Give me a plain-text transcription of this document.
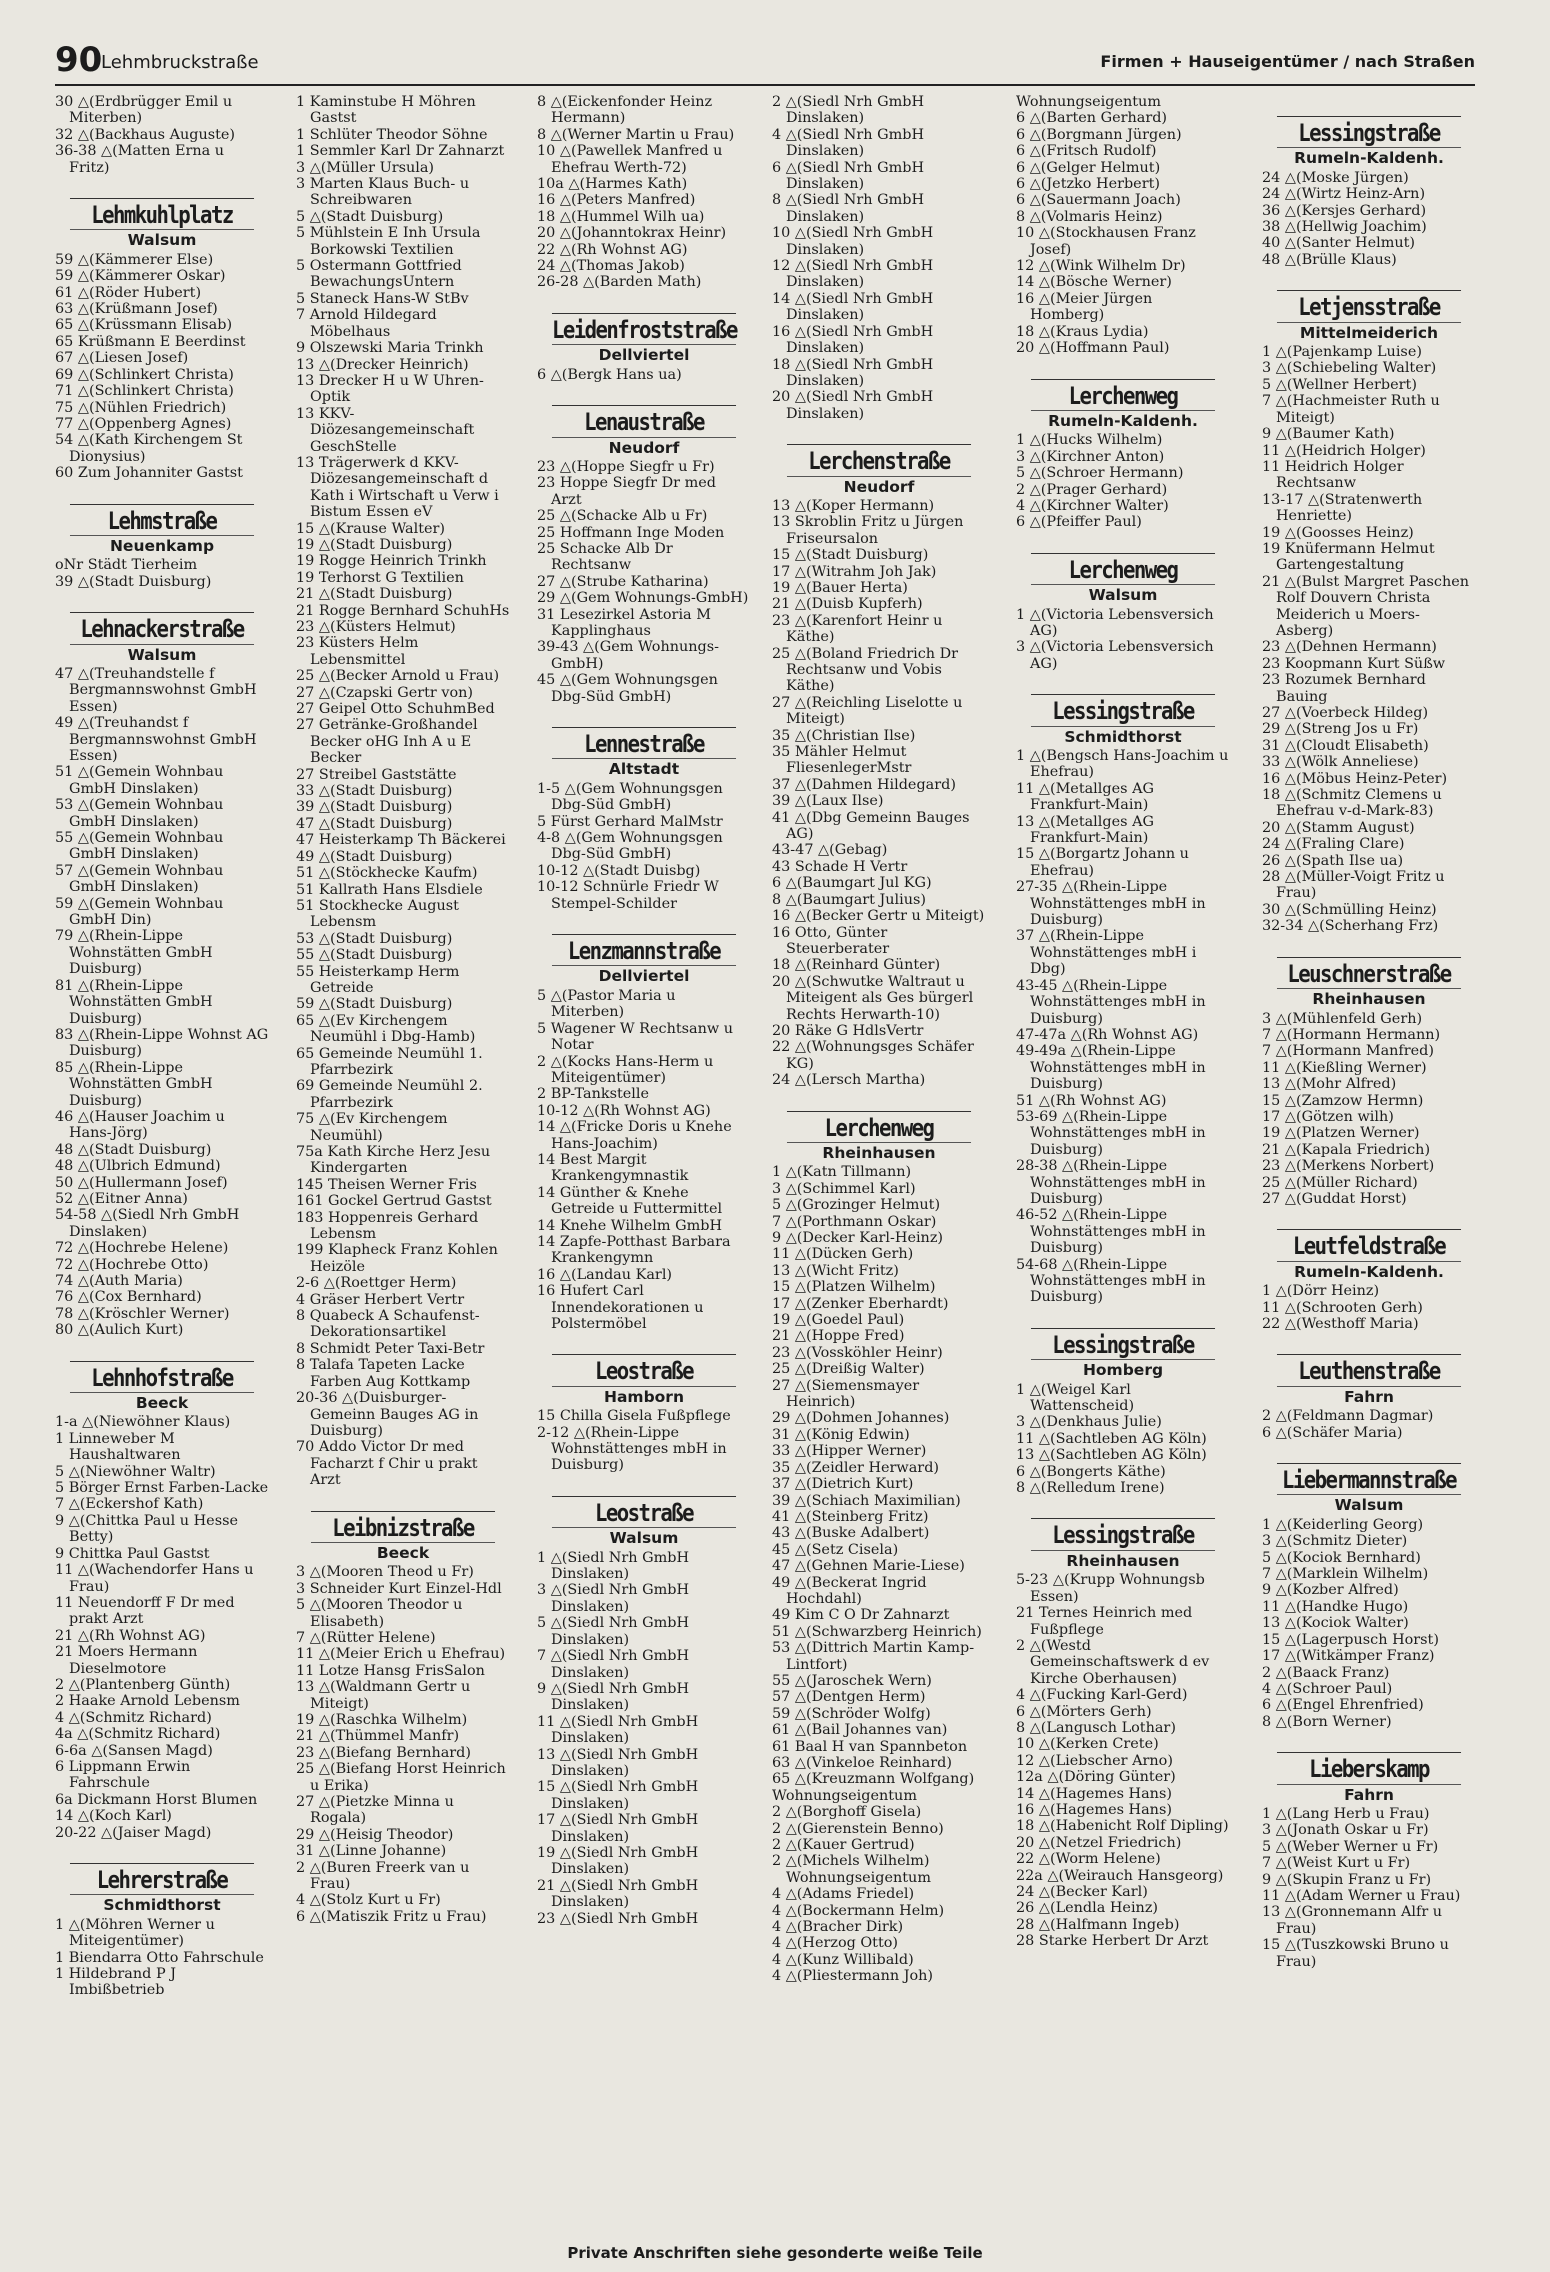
90
Lehmbruckstraße	Firmen + Hauseigentümer / nach Straßen
30 △(Erdbrügger Emil u Miterben)
32 △(Backhaus Auguste)
36-38 △(Matten Erna u Fritz)
Lehmkuhlplatz
Walsum
59 △(Kämmerer Else)
59 △(Kämmerer Oskar)
61 △(Röder Hubert)
63 △(Krüßmann Josef)
65 △(Krüssmann Elisab)
65 Krüßmann E Beerdinst
67 △(Liesen Josef)
69 △(Schlinkert Christa)
71 △(Schlinkert Christa)
75 △(Nühlen Friedrich)
77 △(Oppenberg Agnes)
54 △(Kath Kirchengem St Dionysius)
60 Zum Johanniter Gastst
Lehmstraße
Neuenkamp
oNr Städt Tierheim
39 △(Stadt Duisburg)
Lehnackerstraße
Walsum
47 △(Treuhandstelle f Bergmannswohnst GmbH Essen)
49 △(Treuhandst f Bergmannswohnst GmbH Essen)
51 △(Gemein Wohnbau GmbH Dinslaken)
53 △(Gemein Wohnbau GmbH Dinslaken)
55 △(Gemein Wohnbau GmbH Dinslaken)
57 △(Gemein Wohnbau GmbH Dinslaken)
59 △(Gemein Wohnbau GmbH Din)
79 △(Rhein-Lippe Wohnstätten GmbH Duisburg)
81 △(Rhein-Lippe Wohnstätten GmbH Duisburg)
83 △(Rhein-Lippe Wohnst AG Duisburg)
85 △(Rhein-Lippe Wohnstätten GmbH Duisburg)
46 △(Hauser Joachim u Hans-Jörg)
48 △(Stadt Duisburg)
48 △(Ulbrich Edmund)
50 △(Hullermann Josef)
52 △(Eitner Anna)
54-58 △(Siedl Nrh GmbH Dinslaken)
72 △(Hochrebe Helene)
72 △(Hochrebe Otto)
74 △(Auth Maria)
76 △(Cox Bernhard)
78 △(Kröschler Werner)
80 △(Aulich Kurt)
Lehnhofstraße
Beeck
1-a △(Niewöhner Klaus)
1 Linneweber M Haushaltwaren
5 △(Niewöhner Waltr)
5 Börger Ernst Farben-Lacke
7 △(Eckershof Kath)
9 △(Chittka Paul u Hesse Betty)
9 Chittka Paul Gastst
11 △(Wachendorfer Hans u Frau)
11 Neuendorff F Dr med prakt Arzt
21 △(Rh Wohnst AG)
21 Moers Hermann Dieselmotore
2 △(Plantenberg Günth)
2 Haake Arnold Lebensm
4 △(Schmitz Richard)
4a △(Schmitz Richard)
6-6a △(Sansen Magd)
6 Lippmann Erwin Fahrschule
6a Dickmann Horst Blumen
14 △(Koch Karl)
20-22 △(Jaiser Magd)
Lehrerstraße
Schmidthorst
1 △(Möhren Werner u Miteigentümer)
1 Biendarra Otto Fahrschule
1 Hildebrand P J Imbißbetrieb
1 Kaminstube H Möhren Gastst
1 Schlüter Theodor Söhne
1 Semmler Karl Dr Zahnarzt
3 △(Müller Ursula)
3 Marten Klaus Buch- u Schreibwaren
5 △(Stadt Duisburg)
5 Mühlstein E Inh Ursula Borkowski Textilien
5 Ostermann Gottfried BewachungsUntern
5 Staneck Hans-W StBv
7 Arnold Hildegard Möbelhaus
9 Olszewski Maria Trinkh
13 △(Drecker Heinrich)
13 Drecker H u W Uhren-Optik
13 KKV-Diözesangemeinschaft GeschStelle
13 Trägerwerk d KKV-Diözesangemeinschaft d Kath i Wirtschaft u Verw i Bistum Essen eV
15 △(Krause Walter)
19 △(Stadt Duisburg)
19 Rogge Heinrich Trinkh
19 Terhorst G Textilien
21 △(Stadt Duisburg)
21 Rogge Bernhard SchuhHs
23 △(Küsters Helmut)
23 Küsters Helm Lebensmittel
25 △(Becker Arnold u Frau)
27 △(Czapski Gertr von)
27 Geipel Otto SchuhmBed
27 Getränke-Großhandel Becker oHG Inh A u E Becker
27 Streibel Gaststätte
33 △(Stadt Duisburg)
39 △(Stadt Duisburg)
47 △(Stadt Duisburg)
47 Heisterkamp Th Bäckerei
49 △(Stadt Duisburg)
51 △(Stöckhecke Kaufm)
51 Kallrath Hans Elsdiele
51 Stockhecke August Lebensm
53 △(Stadt Duisburg)
55 △(Stadt Duisburg)
55 Heisterkamp Herm Getreide
59 △(Stadt Duisburg)
65 △(Ev Kirchengem Neumühl i Dbg-Hamb)
65 Gemeinde Neumühl 1. Pfarrbezirk
69 Gemeinde Neumühl 2. Pfarrbezirk
75 △(Ev Kirchengem Neumühl)
75a Kath Kirche Herz Jesu Kindergarten
145 Theisen Werner Fris
161 Gockel Gertrud Gastst
183 Hoppenreis Gerhard Lebensm
199 Klapheck Franz Kohlen Heizöle
2-6 △(Roettger Herm)
4 Gräser Herbert Vertr
8 Quabeck A Schaufenst-Dekorationsartikel
8 Schmidt Peter Taxi-Betr
8 Talafa Tapeten Lacke Farben Aug Kottkamp
20-36 △(Duisburger-Gemeinn Bauges AG in Duisburg)
70 Addo Victor Dr med Facharzt f Chir u prakt Arzt
Leibnizstraße
Beeck
3 △(Mooren Theod u Fr)
3 Schneider Kurt Einzel-Hdl
5 △(Mooren Theodor u Elisabeth)
7 △(Rütter Helene)
11 △(Meier Erich u Ehefrau)
11 Lotze Hansg FrisSalon
13 △(Waldmann Gertr u Miteigt)
19 △(Raschka Wilhelm)
21 △(Thümmel Manfr)
23 △(Biefang Bernhard)
25 △(Biefang Horst Heinrich u Erika)
27 △(Pietzke Minna u Rogala)
29 △(Heisig Theodor)
31 △(Linne Johanne)
2 △(Buren Freerk van u Frau)
4 △(Stolz Kurt u Fr)
6 △(Matiszik Fritz u Frau)
8 △(Eickenfonder Heinz Hermann)
8 △(Werner Martin u Frau)
10 △(Pawellek Manfred u Ehefrau Werth-72)
10a △(Harmes Kath)
16 △(Peters Manfred)
18 △(Hummel Wilh ua)
20 △(Johanntokrax Heinr)
22 △(Rh Wohnst AG)
24 △(Thomas Jakob)
26-28 △(Barden Math)
Leidenfroststraße
Dellviertel
6 △(Bergk Hans ua)
Lenaustraße
Neudorf
23 △(Hoppe Siegfr u Fr)
23 Hoppe Siegfr Dr med Arzt
25 △(Schacke Alb u Fr)
25 Hoffmann Inge Moden
25 Schacke Alb Dr Rechtsanw
27 △(Strube Katharina)
29 △(Gem Wohnungs-GmbH)
31 Lesezirkel Astoria M Kapplinghaus
39-43 △(Gem Wohnungs-GmbH)
45 △(Gem Wohnungsgen Dbg-Süd GmbH)
Lennestraße
Altstadt
1-5 △(Gem Wohnungsgen Dbg-Süd GmbH)
5 Fürst Gerhard MalMstr
4-8 △(Gem Wohnungsgen Dbg-Süd GmbH)
10-12 △(Stadt Duisbg)
10-12 Schnürle Friedr W Stempel-Schilder
Lenzmannstraße
Dellviertel
5 △(Pastor Maria u Miterben)
5 Wagener W Rechtsanw u Notar
2 △(Kocks Hans-Herm u Miteigentümer)
2 BP-Tankstelle
10-12 △(Rh Wohnst AG)
14 △(Fricke Doris u Knehe Hans-Joachim)
14 Best Margit Krankengymnastik
14 Günther & Knehe Getreide u Futtermittel
14 Knehe Wilhelm GmbH
14 Zapfe-Potthast Barbara Krankengymn
16 △(Landau Karl)
16 Hufert Carl Innendekorationen u Polstermöbel
Leostraße
Hamborn
15 Chilla Gisela Fußpflege
2-12 △(Rhein-Lippe Wohnstättenges mbH in Duisburg)
Leostraße
Walsum
1 △(Siedl Nrh GmbH Dinslaken)
3 △(Siedl Nrh GmbH Dinslaken)
5 △(Siedl Nrh GmbH Dinslaken)
7 △(Siedl Nrh GmbH Dinslaken)
9 △(Siedl Nrh GmbH Dinslaken)
11 △(Siedl Nrh GmbH Dinslaken)
13 △(Siedl Nrh GmbH Dinslaken)
15 △(Siedl Nrh GmbH Dinslaken)
17 △(Siedl Nrh GmbH Dinslaken)
19 △(Siedl Nrh GmbH Dinslaken)
21 △(Siedl Nrh GmbH Dinslaken)
23 △(Siedl Nrh GmbH
2 △(Siedl Nrh GmbH Dinslaken)
4 △(Siedl Nrh GmbH Dinslaken)
6 △(Siedl Nrh GmbH Dinslaken)
8 △(Siedl Nrh GmbH Dinslaken)
10 △(Siedl Nrh GmbH Dinslaken)
12 △(Siedl Nrh GmbH Dinslaken)
14 △(Siedl Nrh GmbH Dinslaken)
16 △(Siedl Nrh GmbH Dinslaken)
18 △(Siedl Nrh GmbH Dinslaken)
20 △(Siedl Nrh GmbH Dinslaken)
Lerchenstraße
Neudorf
13 △(Koper Hermann)
13 Skroblin Fritz u Jürgen Friseursalon
15 △(Stadt Duisburg)
17 △(Witrahm Joh Jak)
19 △(Bauer Herta)
21 △(Duisb Kupferh)
23 △(Karenfort Heinr u Käthe)
25 △(Boland Friedrich Dr Rechtsanw und Vobis Käthe)
27 △(Reichling Liselotte u Miteigt)
35 △(Christian Ilse)
35 Mähler Helmut FliesenlegerMstr
37 △(Dahmen Hildegard)
39 △(Laux Ilse)
41 △(Dbg Gemeinn Bauges AG)
43-47 △(Gebag)
43 Schade H Vertr
6 △(Baumgart Jul KG)
8 △(Baumgart Julius)
16 △(Becker Gertr u Miteigt)
16 Otto, Günter Steuerberater
18 △(Reinhard Günter)
20 △(Schwutke Waltraut u Miteigent als Ges bürgerl Rechts Herwarth-10)
20 Räke G HdlsVertr
22 △(Wohnungsges Schäfer KG)
24 △(Lersch Martha)
Lerchenweg
Rheinhausen
1 △(Katn Tillmann)
3 △(Schimmel Karl)
5 △(Grozinger Helmut)
7 △(Porthmann Oskar)
9 △(Decker Karl-Heinz)
11 △(Dücken Gerh)
13 △(Wicht Fritz)
15 △(Platzen Wilhelm)
17 △(Zenker Eberhardt)
19 △(Goedel Paul)
21 △(Hoppe Fred)
23 △(Vossköhler Heinr)
25 △(Dreißig Walter)
27 △(Siemensmayer Heinrich)
29 △(Dohmen Johannes)
31 △(König Edwin)
33 △(Hipper Werner)
35 △(Zeidler Herward)
37 △(Dietrich Kurt)
39 △(Schiach Maximilian)
41 △(Steinberg Fritz)
43 △(Buske Adalbert)
45 △(Setz Cisela)
47 △(Gehnen Marie-Liese)
49 △(Beckerat Ingrid Hochdahl)
49 Kim C O Dr Zahnarzt
51 △(Schwarzberg Heinrich)
53 △(Dittrich Martin Kamp-Lintfort)
55 △(Jaroschek Wern)
57 △(Dentgen Herm)
59 △(Schröder Wolfg)
61 △(Bail Johannes van)
61 Baal H van Spannbeton
63 △(Vinkeloe Reinhard)
65 △(Kreuzmann Wolfgang)
Wohnungseigentum
2 △(Borghoff Gisela)
2 △(Gierenstein Benno)
2 △(Kauer Gertrud)
2 △(Michels Wilhelm) Wohnungseigentum
4 △(Adams Friedel)
4 △(Bockermann Helm)
4 △(Bracher Dirk)
4 △(Herzog Otto)
4 △(Kunz Willibald)
4 △(Pliestermann Joh)
Wohnungseigentum
6 △(Barten Gerhard)
6 △(Borgmann Jürgen)
6 △(Fritsch Rudolf)
6 △(Gelger Helmut)
6 △(Jetzko Herbert)
6 △(Sauermann Joach)
8 △(Volmaris Heinz)
10 △(Stockhausen Franz Josef)
12 △(Wink Wilhelm Dr)
14 △(Bösche Werner)
16 △(Meier Jürgen Homberg)
18 △(Kraus Lydia)
20 △(Hoffmann Paul)
Lerchenweg
Rumeln-Kaldenh.
1 △(Hucks Wilhelm)
3 △(Kirchner Anton)
5 △(Schroer Hermann)
2 △(Prager Gerhard)
4 △(Kirchner Walter)
6 △(Pfeiffer Paul)
Lerchenweg
Walsum
1 △(Victoria Lebensversich AG)
3 △(Victoria Lebensversich AG)
Lessingstraße
Schmidthorst
1 △(Bengsch Hans-Joachim u Ehefrau)
11 △(Metallges AG Frankfurt-Main)
13 △(Metallges AG Frankfurt-Main)
15 △(Borgartz Johann u Ehefrau)
27-35 △(Rhein-Lippe Wohnstättenges mbH in Duisburg)
37 △(Rhein-Lippe Wohnstättenges mbH i Dbg)
43-45 △(Rhein-Lippe Wohnstättenges mbH in Duisburg)
47-47a △(Rh Wohnst AG)
49-49a △(Rhein-Lippe Wohnstättenges mbH in Duisburg)
51 △(Rh Wohnst AG)
53-69 △(Rhein-Lippe Wohnstättenges mbH in Duisburg)
28-38 △(Rhein-Lippe Wohnstättenges mbH in Duisburg)
46-52 △(Rhein-Lippe Wohnstättenges mbH in Duisburg)
54-68 △(Rhein-Lippe Wohnstättenges mbH in Duisburg)
Lessingstraße
Homberg
1 △(Weigel Karl Wattenscheid)
3 △(Denkhaus Julie)
11 △(Sachtleben AG Köln)
13 △(Sachtleben AG Köln)
6 △(Bongerts Käthe)
8 △(Relledum Irene)
Lessingstraße
Rheinhausen
5-23 △(Krupp Wohnungsb Essen)
21 Ternes Heinrich med Fußpflege
2 △(Westd Gemeinschaftswerk d ev Kirche Oberhausen)
4 △(Fucking Karl-Gerd)
6 △(Mörters Gerh)
8 △(Langusch Lothar)
10 △(Kerken Crete)
12 △(Liebscher Arno)
12a △(Döring Günter)
14 △(Hagemes Hans)
16 △(Hagemes Hans)
18 △(Habenicht Rolf Dipling)
20 △(Netzel Friedrich)
22 △(Worm Helene)
22a △(Weirauch Hansgeorg)
24 △(Becker Karl)
26 △(Lendla Heinz)
28 △(Halfmann Ingeb)
28 Starke Herbert Dr Arzt
Lessingstraße
Rumeln-Kaldenh.
24 △(Moske Jürgen)
24 △(Wirtz Heinz-Arn)
36 △(Kersjes Gerhard)
38 △(Hellwig Joachim)
40 △(Santer Helmut)
48 △(Brülle Klaus)
Letjensstraße
Mittelmeiderich
1 △(Pajenkamp Luise)
3 △(Schiebeling Walter)
5 △(Wellner Herbert)
7 △(Hachmeister Ruth u Miteigt)
9 △(Baumer Kath)
11 △(Heidrich Holger)
11 Heidrich Holger Rechtsanw
13-17 △(Stratenwerth Henriette)
19 △(Goosses Heinz)
19 Knüfermann Helmut Gartengestaltung
21 △(Bulst Margret Paschen Rolf Douvern Christa Meiderich u Moers-Asberg)
23 △(Dehnen Hermann)
23 Koopmann Kurt Süßw
23 Rozumek Bernhard Bauing
27 △(Voerbeck Hildeg)
29 △(Streng Jos u Fr)
31 △(Cloudt Elisabeth)
33 △(Wölk Anneliese)
16 △(Möbus Heinz-Peter)
18 △(Schmitz Clemens u Ehefrau v-d-Mark-83)
20 △(Stamm August)
24 △(Fraling Clare)
26 △(Spath Ilse ua)
28 △(Müller-Voigt Fritz u Frau)
30 △(Schmülling Heinz)
32-34 △(Scherhang Frz)
Leuschnerstraße
Rheinhausen
3 △(Mühlenfeld Gerh)
7 △(Hormann Hermann)
7 △(Hormann Manfred)
11 △(Kießling Werner)
13 △(Mohr Alfred)
15 △(Zamzow Hermn)
17 △(Götzen wilh)
19 △(Platzen Werner)
21 △(Kapala Friedrich)
23 △(Merkens Norbert)
25 △(Müller Richard)
27 △(Guddat Horst)
Leutfeldstraße
Rumeln-Kaldenh.
1 △(Dörr Heinz)
11 △(Schrooten Gerh)
22 △(Westhoff Maria)
Leuthenstraße
Fahrn
2 △(Feldmann Dagmar)
6 △(Schäfer Maria)
Liebermannstraße
Walsum
1 △(Keiderling Georg)
3 △(Schmitz Dieter)
5 △(Kociok Bernhard)
7 △(Marklein Wilhelm)
9 △(Kozber Alfred)
11 △(Handke Hugo)
13 △(Kociok Walter)
15 △(Lagerpusch Horst)
17 △(Witkämper Franz)
2 △(Baack Franz)
4 △(Schroer Paul)
6 △(Engel Ehrenfried)
8 △(Born Werner)
Lieberskamp
Fahrn
1 △(Lang Herb u Frau)
3 △(Jonath Oskar u Fr)
5 △(Weber Werner u Fr)
7 △(Weist Kurt u Fr)
9 △(Skupin Franz u Fr)
11 △(Adam Werner u Frau)
13 △(Gronnemann Alfr u Frau)
15 △(Tuszkowski Bruno u Frau)
Private Anschriften siehe gesonderte weiße Teile
